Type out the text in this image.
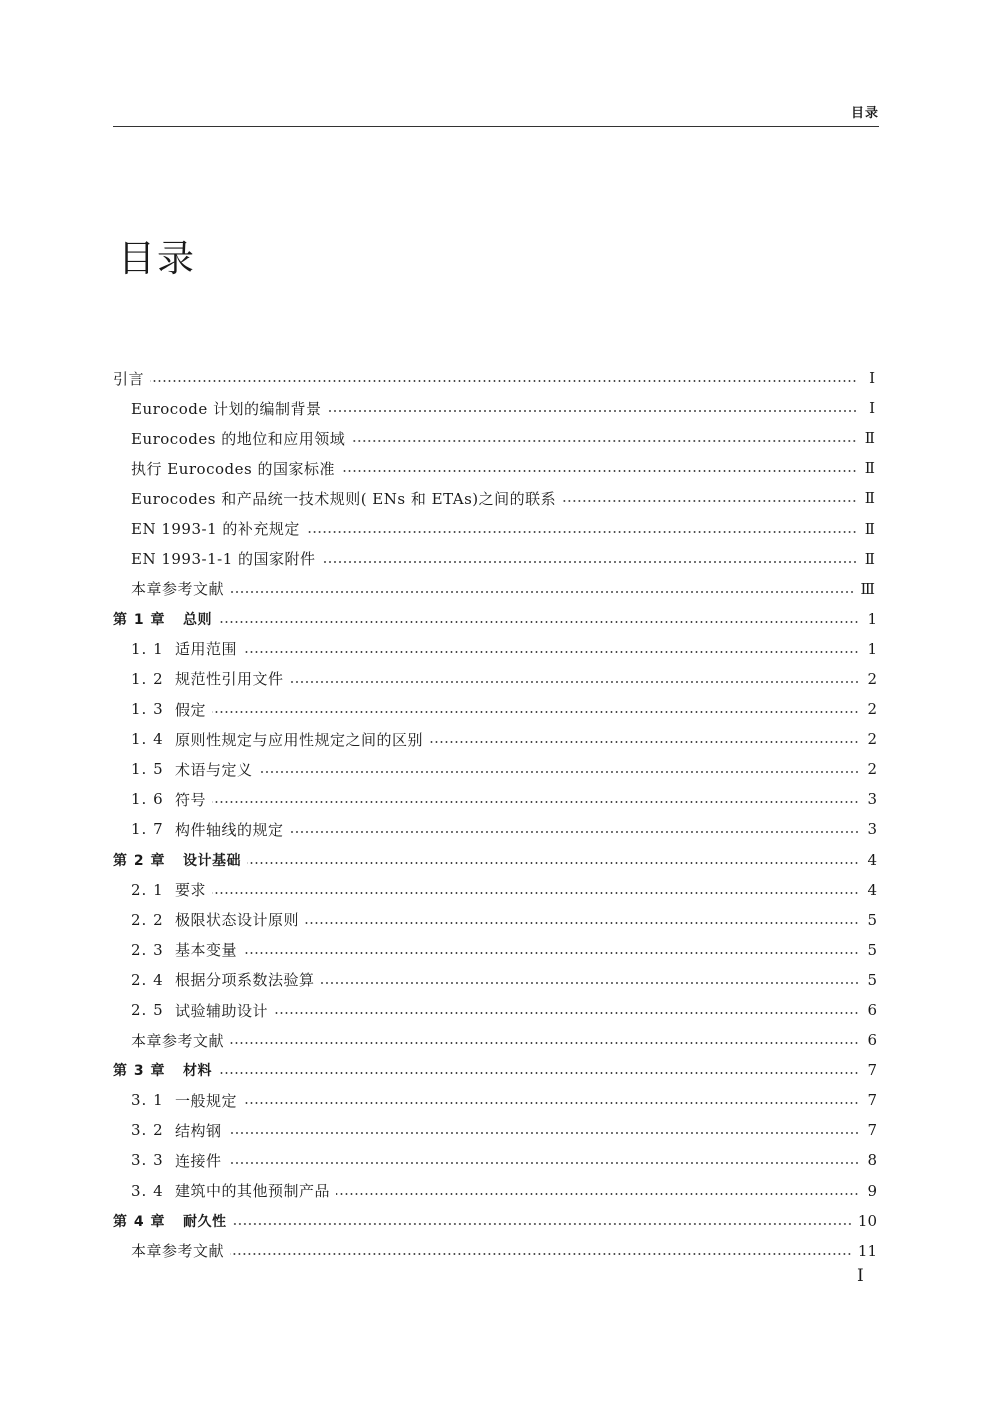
目录
目录
引言	Ⅰ
Eurocode 计划的编制背景	Ⅰ
Eurocodes 的地位和应用领域	Ⅱ
执行 Eurocodes 的国家标准	Ⅱ
Eurocodes 和产品统一技术规则( ENs 和 ETAs)之间的联系	Ⅱ
EN 1993-1 的补充规定	Ⅱ
EN 1993-1-1 的国家附件	Ⅱ
本章参考文献	Ⅲ
第 1 章	总则	1
1. 1 适用范围	1
1. 2 规范性引用文件	2
1. 3 假定	2
1. 4 原则性规定与应用性规定之间的区别	2
1. 5 术语与定义	2
1. 6 符号	3
1. 7 构件轴线的规定	3
第 2 章	设计基础	4
2. 1 要求	4
2. 2 极限状态设计原则	5
2. 3 基本变量	5
2. 4 根据分项系数法验算	5
2. 5 试验辅助设计	6
本章参考文献	6
第 3 章	材料	7
3. 1 一般规定	7
3. 2 结构钢	7
3. 3 连接件	8
3. 4 建筑中的其他预制产品	9
第 4 章	耐久性	10
本章参考文献	11
Ⅰ
